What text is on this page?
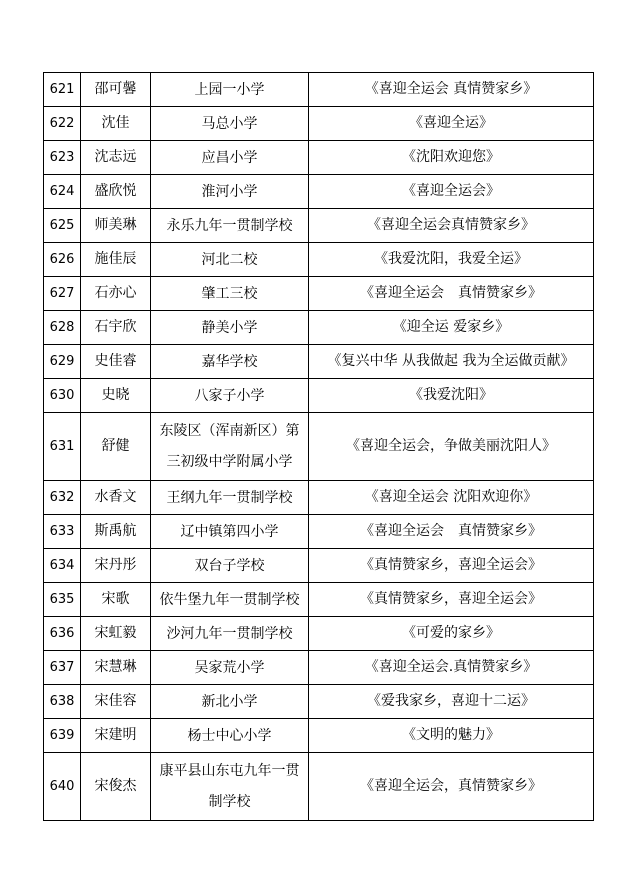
621	邵可馨	上园一小学	《喜迎全运会 真情赞家乡》
622	沈佳	马总小学	《喜迎全运》
623	沈志远	应昌小学	《沈阳欢迎您》
624	盛欣悦	淮河小学	《喜迎全运会》
625	师美琳	永乐九年一贯制学校	《喜迎全运会真情赞家乡》
626	施佳辰	河北二校	《我爱沈阳，我爱全运》
627	石亦心	肇工三校	《喜迎全运会　真情赞家乡》
628	石宇欣	静美小学	《迎全运 爱家乡》
629	史佳睿	嘉华学校	《复兴中华 从我做起 我为全运做贡献》
630	史晓	八家子小学	《我爱沈阳》
631	舒健	东陵区（浑南新区）第三初级中学附属小学	《喜迎全运会，争做美丽沈阳人》
632	水香文	王纲九年一贯制学校	《喜迎全运会 沈阳欢迎你》
633	斯禹航	辽中镇第四小学	《喜迎全运会　真情赞家乡》
634	宋丹彤	双台子学校	《真情赞家乡，喜迎全运会》
635	宋歌	依牛堡九年一贯制学校	《真情赞家乡，喜迎全运会》
636	宋虹毅	沙河九年一贯制学校	《可爱的家乡》
637	宋慧琳	吴家荒小学	《喜迎全运会.真情赞家乡》
638	宋佳容	新北小学	《爱我家乡，喜迎十二运》
639	宋建明	杨士中心小学	《文明的魅力》
640	宋俊杰	康平县山东屯九年一贯制学校	《喜迎全运会，真情赞家乡》
